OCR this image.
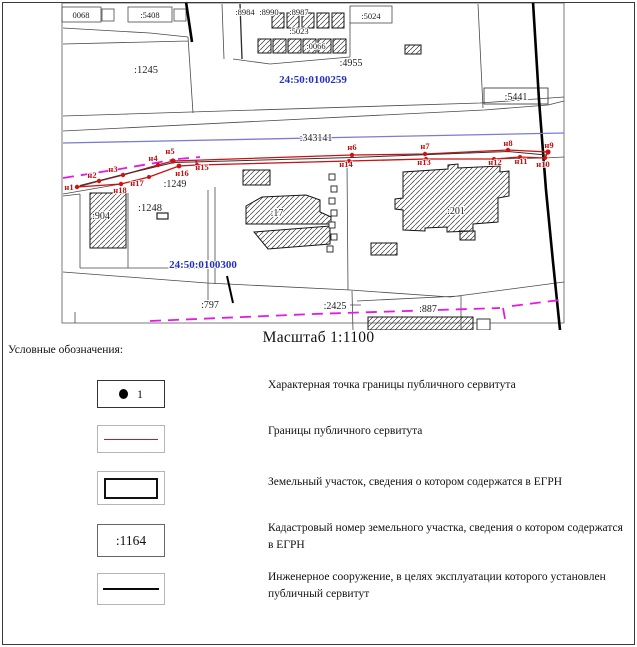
н1
н2
н3
н4
н5	н6	н7	н8	н9
н10
н11
н12
н13
н14
н15
н16
н17
н18
0068	:5408	:8984 :8990 :8987	:5024
:5023
:0066
:1245
:4955
24:50:0100259
:5441
:343141
:1249
:1248
:904	:17	:201
24:50:0100300
:797	:2425	:887
Масштаб 1:1100
Условные обозначения:
1
:1164
Характерная точка границы публичного сервитута
Границы публичного сервитута
Земельный участок, сведения о котором содержатся в ЕГРН
Кадастровый номер земельного участка, сведения о котором содержатся в ЕГРН
Инженерное сооружение, в целях эксплуатации которого установлен публичный сервитут
